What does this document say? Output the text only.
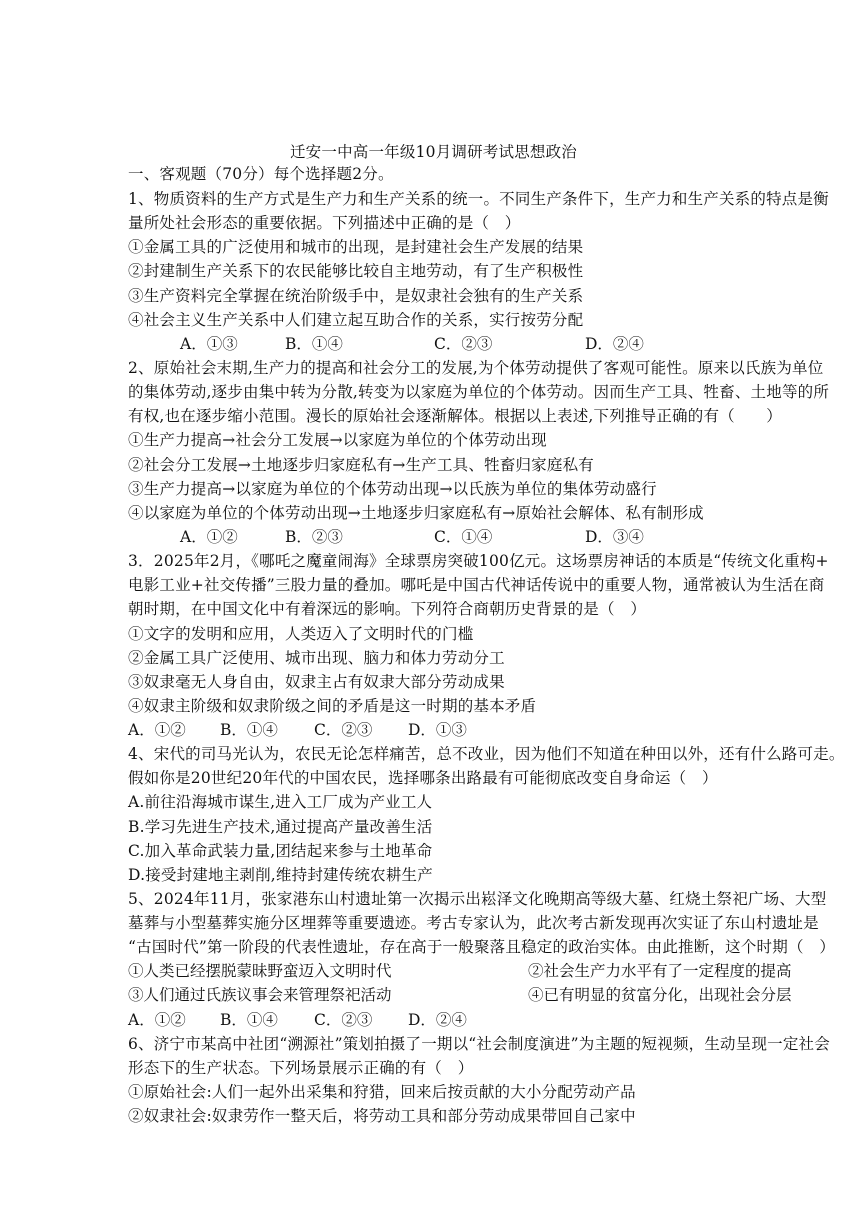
迁安一中高一年级10月调研考试思想政治
一、客观题（70分）每个选择题2分。
1、物质资料的生产方式是生产力和生产关系的统一。不同生产条件下，生产力和生产关系的特点是衡
量所处社会形态的重要依据。下列描述中正确的是（　）
①金属工具的广泛使用和城市的出现，是封建社会生产发展的结果
②封建制生产关系下的农民能够比较自主地劳动，有了生产积极性
③生产资料完全掌握在统治阶级手中，是奴隶社会独有的生产关系
④社会主义生产关系中人们建立起互助合作的关系，实行按劳分配
A．①③	B．①④	C．②③	D．②④
2、原始社会末期,生产力的提高和社会分工的发展,为个体劳动提供了客观可能性。原来以氏族为单位
的集体劳动,逐步由集中转为分散,转变为以家庭为单位的个体劳动。因而生产工具、牲畜、土地等的所
有权,也在逐步缩小范围。漫长的原始社会逐渐解体。根据以上表述,下列推导正确的有（　　）
①生产力提高→社会分工发展→以家庭为单位的个体劳动出现
②社会分工发展→土地逐步归家庭私有→生产工具、牲畜归家庭私有
③生产力提高→以家庭为单位的个体劳动出现→以氏族为单位的集体劳动盛行
④以家庭为单位的个体劳动出现→土地逐步归家庭私有→原始社会解体、私有制形成
A．①②	B．②③	C．①④	D．③④
3．2025年2月，《哪吒之魔童闹海》全球票房突破100亿元。这场票房神话的本质是“传统文化重构+
电影工业+社交传播”三股力量的叠加。哪吒是中国古代神话传说中的重要人物，通常被认为生活在商
朝时期，在中国文化中有着深远的影响。下列符合商朝历史背景的是（　）
①文字的发明和应用，人类迈入了文明时代的门槛
②金属工具广泛使用、城市出现、脑力和体力劳动分工
③奴隶毫无人身自由，奴隶主占有奴隶大部分劳动成果
④奴隶主阶级和奴隶阶级之间的矛盾是这一时期的基本矛盾
A．①② B．①④ C．②③ D．①③
4、宋代的司马光认为，农民无论怎样痛苦，总不改业，因为他们不知道在种田以外，还有什么路可走。
假如你是20世纪20年代的中国农民，选择哪条出路最有可能彻底改变自身命运（　）
A.前往沿海城市谋生,进入工厂成为产业工人
B.学习先进生产技术,通过提高产量改善生活
C.加入革命武装力量,团结起来参与土地革命
D.接受封建地主剥削,维持封建传统农耕生产
5、2024年11月，张家港东山村遗址第一次揭示出崧泽文化晚期高等级大墓、红烧土祭祀广场、大型
墓葬与小型墓葬实施分区埋葬等重要遗迹。考古专家认为，此次考古新发现再次实证了东山村遗址是
“古国时代”第一阶段的代表性遗址，存在高于一般聚落且稳定的政治实体。由此推断，这个时期（　）
①人类已经摆脱蒙昧野蛮迈入文明时代	②社会生产力水平有了一定程度的提高
③人们通过氏族议事会来管理祭祀活动	④已有明显的贫富分化，出现社会分层
A．①② B．①④ C．②③ D．②④
6、济宁市某高中社团“溯源社”策划拍摄了一期以“社会制度演进”为主题的短视频，生动呈现一定社会
形态下的生产状态。下列场景展示正确的有（　）
①原始社会:人们一起外出采集和狩猎，回来后按贡献的大小分配劳动产品
②奴隶社会:奴隶劳作一整天后，将劳动工具和部分劳动成果带回自己家中
